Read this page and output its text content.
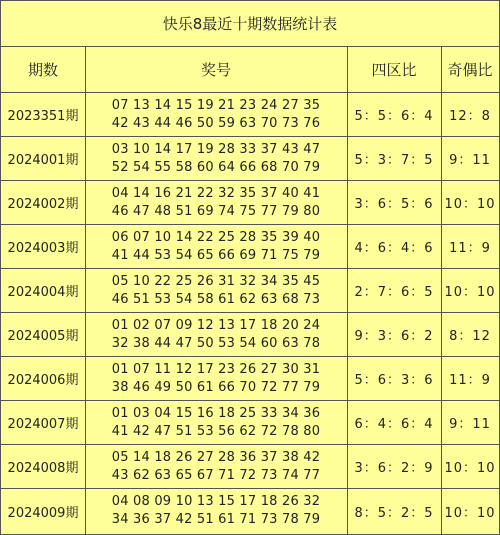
快乐8最近十期数据统计表
期数	奖号	四区比	奇偶比
2023351期
07 13 14 15 19 21 23 24 27 35
42 43 44 46 50 59 63 70 73 76	5：5：6：4 12：8
2024001期
03 10 14 17 19 28 33 37 43 47
52 54 55 58 60 64 66 68 70 79	5：3：7：5 9：11
2024002期
04 14 16 21 22 32 35 37 40 41
46 47 48 51 69 74 75 77 79 80	3：6：5：6 10：10
2024003期
06 07 10 14 22 25 28 35 39 40
41 44 53 54 65 66 69 71 75 79	4：6：4：6 11：9
2024004期
05 10 22 25 26 31 32 34 35 45
46 51 53 54 58 61 62 63 68 73	2：7：6：5 10：10
2024005期
01 02 07 09 12 13 17 18 20 24
32 38 44 47 50 53 54 60 63 78	9：3：6：2 8：12
2024006期
01 07 11 12 17 23 26 27 30 31
38 46 49 50 61 66 70 72 77 79	5：6：3：6 11：9
2024007期
01 03 04 15 16 18 25 33 34 36
41 42 47 51 53 56 62 72 78 80	6：4：6：4 9：11
2024008期
05 14 18 26 27 28 36 37 38 42
43 62 63 65 67 71 72 73 74 77	3：6：2：9 10：10
2024009期
04 08 09 10 13 15 17 18 26 32
34 36 37 42 51 61 71 73 78 79	8：5：2：5 10：10
